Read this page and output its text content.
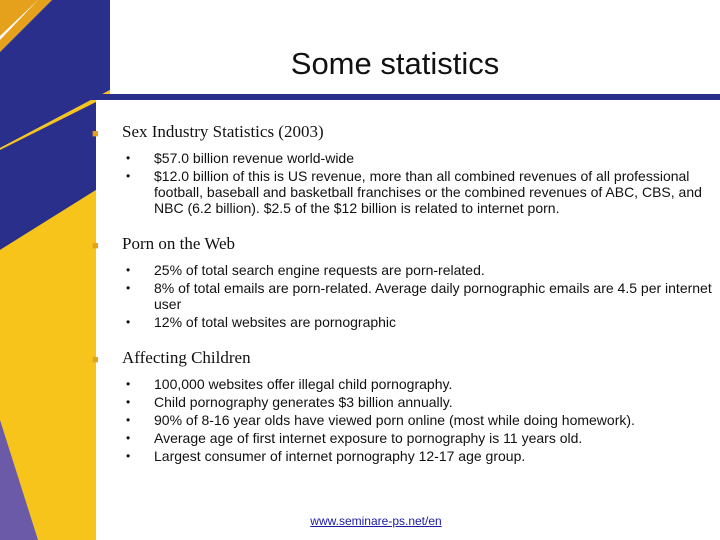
Some statistics
■	Sex Industry Statistics (2003)
•	$57.0 billion revenue world-wide
•	$12.0 billion of this is US revenue, more than all combined revenues of all professional football, baseball and basketball franchises or the combined revenues of ABC, CBS, and NBC (6.2 billion). $2.5 of the $12 billion is related to internet porn.
■	Porn on the Web
•	25% of total search engine requests are porn-related.
•	8% of total emails are porn-related. Average daily pornographic emails are 4.5 per internet user
•	12% of total websites are pornographic
■	Affecting Children
•	100,000 websites offer illegal child pornography.
•	Child pornography generates $3 billion annually.
•	90% of 8-16 year olds have viewed porn online (most while doing homework).
•	Average age of first internet exposure to pornography is 11 years old.
•	Largest consumer of internet pornography 12-17 age group.
www.seminare-ps.net/en
